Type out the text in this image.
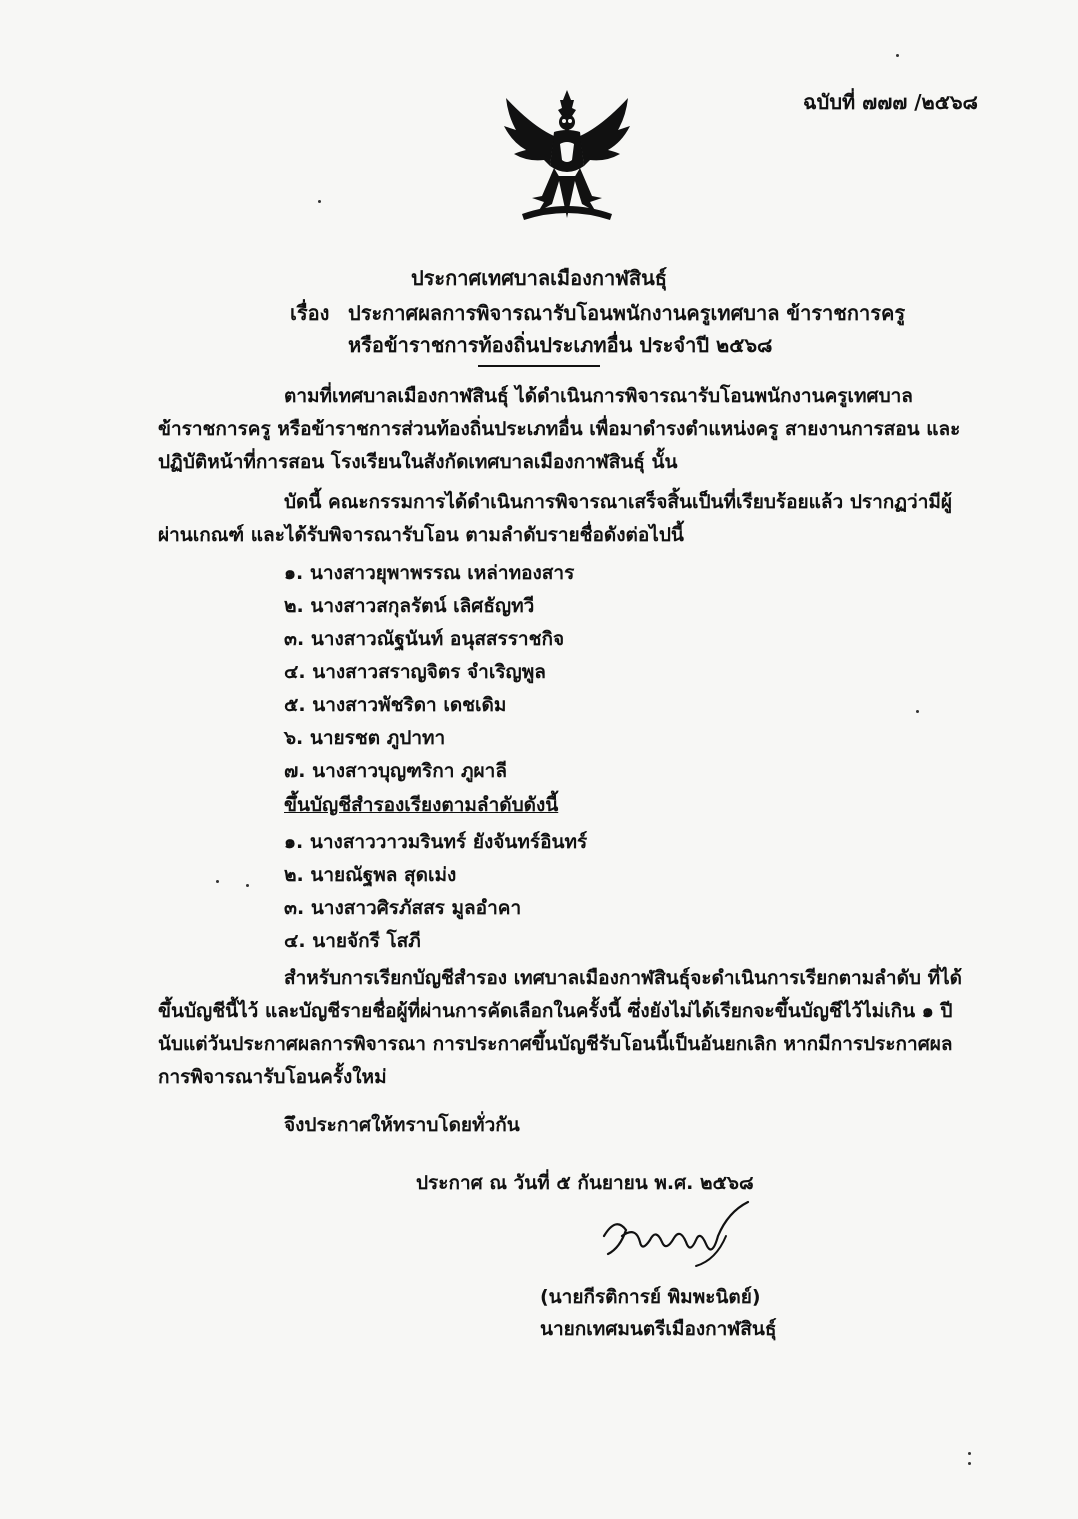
ฉบับที่ ๗๗๗ /๒๕๖๘
ประกาศเทศบาลเมืองกาฬสินธุ์
เรื่อง ประกาศผลการพิจารณารับโอนพนักงานครูเทศบาล ข้าราชการครู
หรือข้าราชการท้องถิ่นประเภทอื่น ประจำปี ๒๕๖๘

ตามที่เทศบาลเมืองกาฬสินธุ์ ได้ดำเนินการพิจารณารับโอนพนักงานครูเทศบาล ข้าราชการครู หรือข้าราชการส่วนท้องถิ่นประเภทอื่น เพื่อมาดำรงตำแหน่งครู สายงานการสอน และปฏิบัติหน้าที่การสอน โรงเรียนในสังกัดเทศบาลเมืองกาฬสินธุ์ นั้น

บัดนี้ คณะกรรมการได้ดำเนินการพิจารณาเสร็จสิ้นเป็นที่เรียบร้อยแล้ว ปรากฏว่ามีผู้ผ่านเกณฑ์ และได้รับพิจารณารับโอน ตามลำดับรายชื่อดังต่อไปนี้

๑. นางสาวยุพาพรรณ เหล่าทองสาร
๒. นางสาวสกุลรัตน์ เลิศธัญทวี
๓. นางสาวณัฐนันท์ อนุสสรราชกิจ
๔. นางสาวสราญจิตร จำเริญพูล
๕. นางสาวพัชริดา เดชเดิม
๖. นายรชต ภูปาทา
๗. นางสาวบุญฑริกา ภูผาลี
ขึ้นบัญชีสำรองเรียงตามลำดับดังนี้
๑. นางสาววาวมรินทร์ ยังจันทร์อินทร์
๒. นายณัฐพล สุดเม่ง
๓. นางสาวศิรภัสสร มูลอำคา
๔. นายจักรี โสภี

สำหรับการเรียกบัญชีสำรอง เทศบาลเมืองกาฬสินธุ์จะดำเนินการเรียกตามลำดับ ที่ได้ขึ้นบัญชีนี้ไว้ และบัญชีรายชื่อผู้ที่ผ่านการคัดเลือกในครั้งนี้ ซึ่งยังไม่ได้เรียกจะขึ้นบัญชีไว้ไม่เกิน ๑ ปี นับแต่วันประกาศผลการพิจารณา การประกาศขึ้นบัญชีรับโอนนี้เป็นอันยกเลิก หากมีการประกาศผลการพิจารณารับโอนครั้งใหม่

จึงประกาศให้ทราบโดยทั่วกัน
ประกาศ ณ วันที่ ๕ กันยายน พ.ศ. ๒๕๖๘
(นายกีรติการย์ พิมพะนิตย์)
นายกเทศมนตรีเมืองกาฬสินธุ์
